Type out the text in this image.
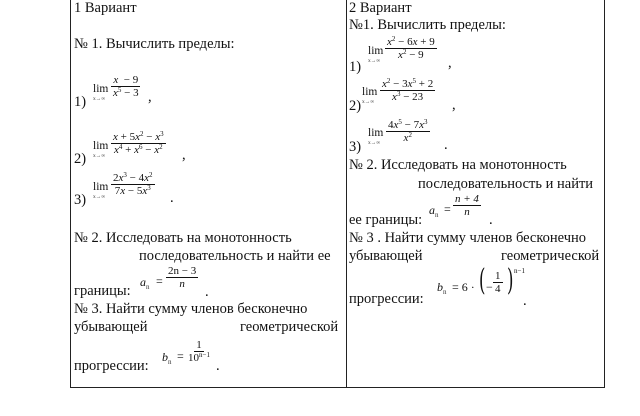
1 Вариант
№ 1. Вычислить пределы:
1)
lim
$x\to\infty \frac{x - 9}{x^5 - 3}$ ,
2)
lim
$x\to\infty \frac{x + 5x^2 - x^3}{x^4 + x^6 - x^2}$ ,
3)
lim
$x\to\infty \frac{2x^3 - 4x^2}{7x - 5x^3}$
.
№ 2. Исследовать на монотонность
последовательность и найти ее
границы:
$a_n = \frac{2n - 3}{n}$
.
№ 3. Найти сумму членов бесконечно
убывающей	геометрической
прогрессии:
$b_n = \frac{1}{10^{n-1}}$
.
2 Вариант
№1. Вычислить пределы:
1)
lim
$x\to\infty \frac{x^2 - 6x + 9}{x^2 - 9}$
,
2)
lim
$x\to\infty \frac{x^2 - 3x^5 + 2}{x^3 - 23}$
,
3)
lim
$x\to\infty \frac{4x^5 - 7x^3}{x^2}$
.
№ 2. Исследовать на монотонность
последовательность и найти
ее границы:
$a_n = \frac{n + 4}{n}$
.
№ 3 . Найти сумму членов бесконечно
убывающей	геометрической
прогрессии:
$b_n = 6$ · ( − $\frac{1}{4}$ ) n−1
.
